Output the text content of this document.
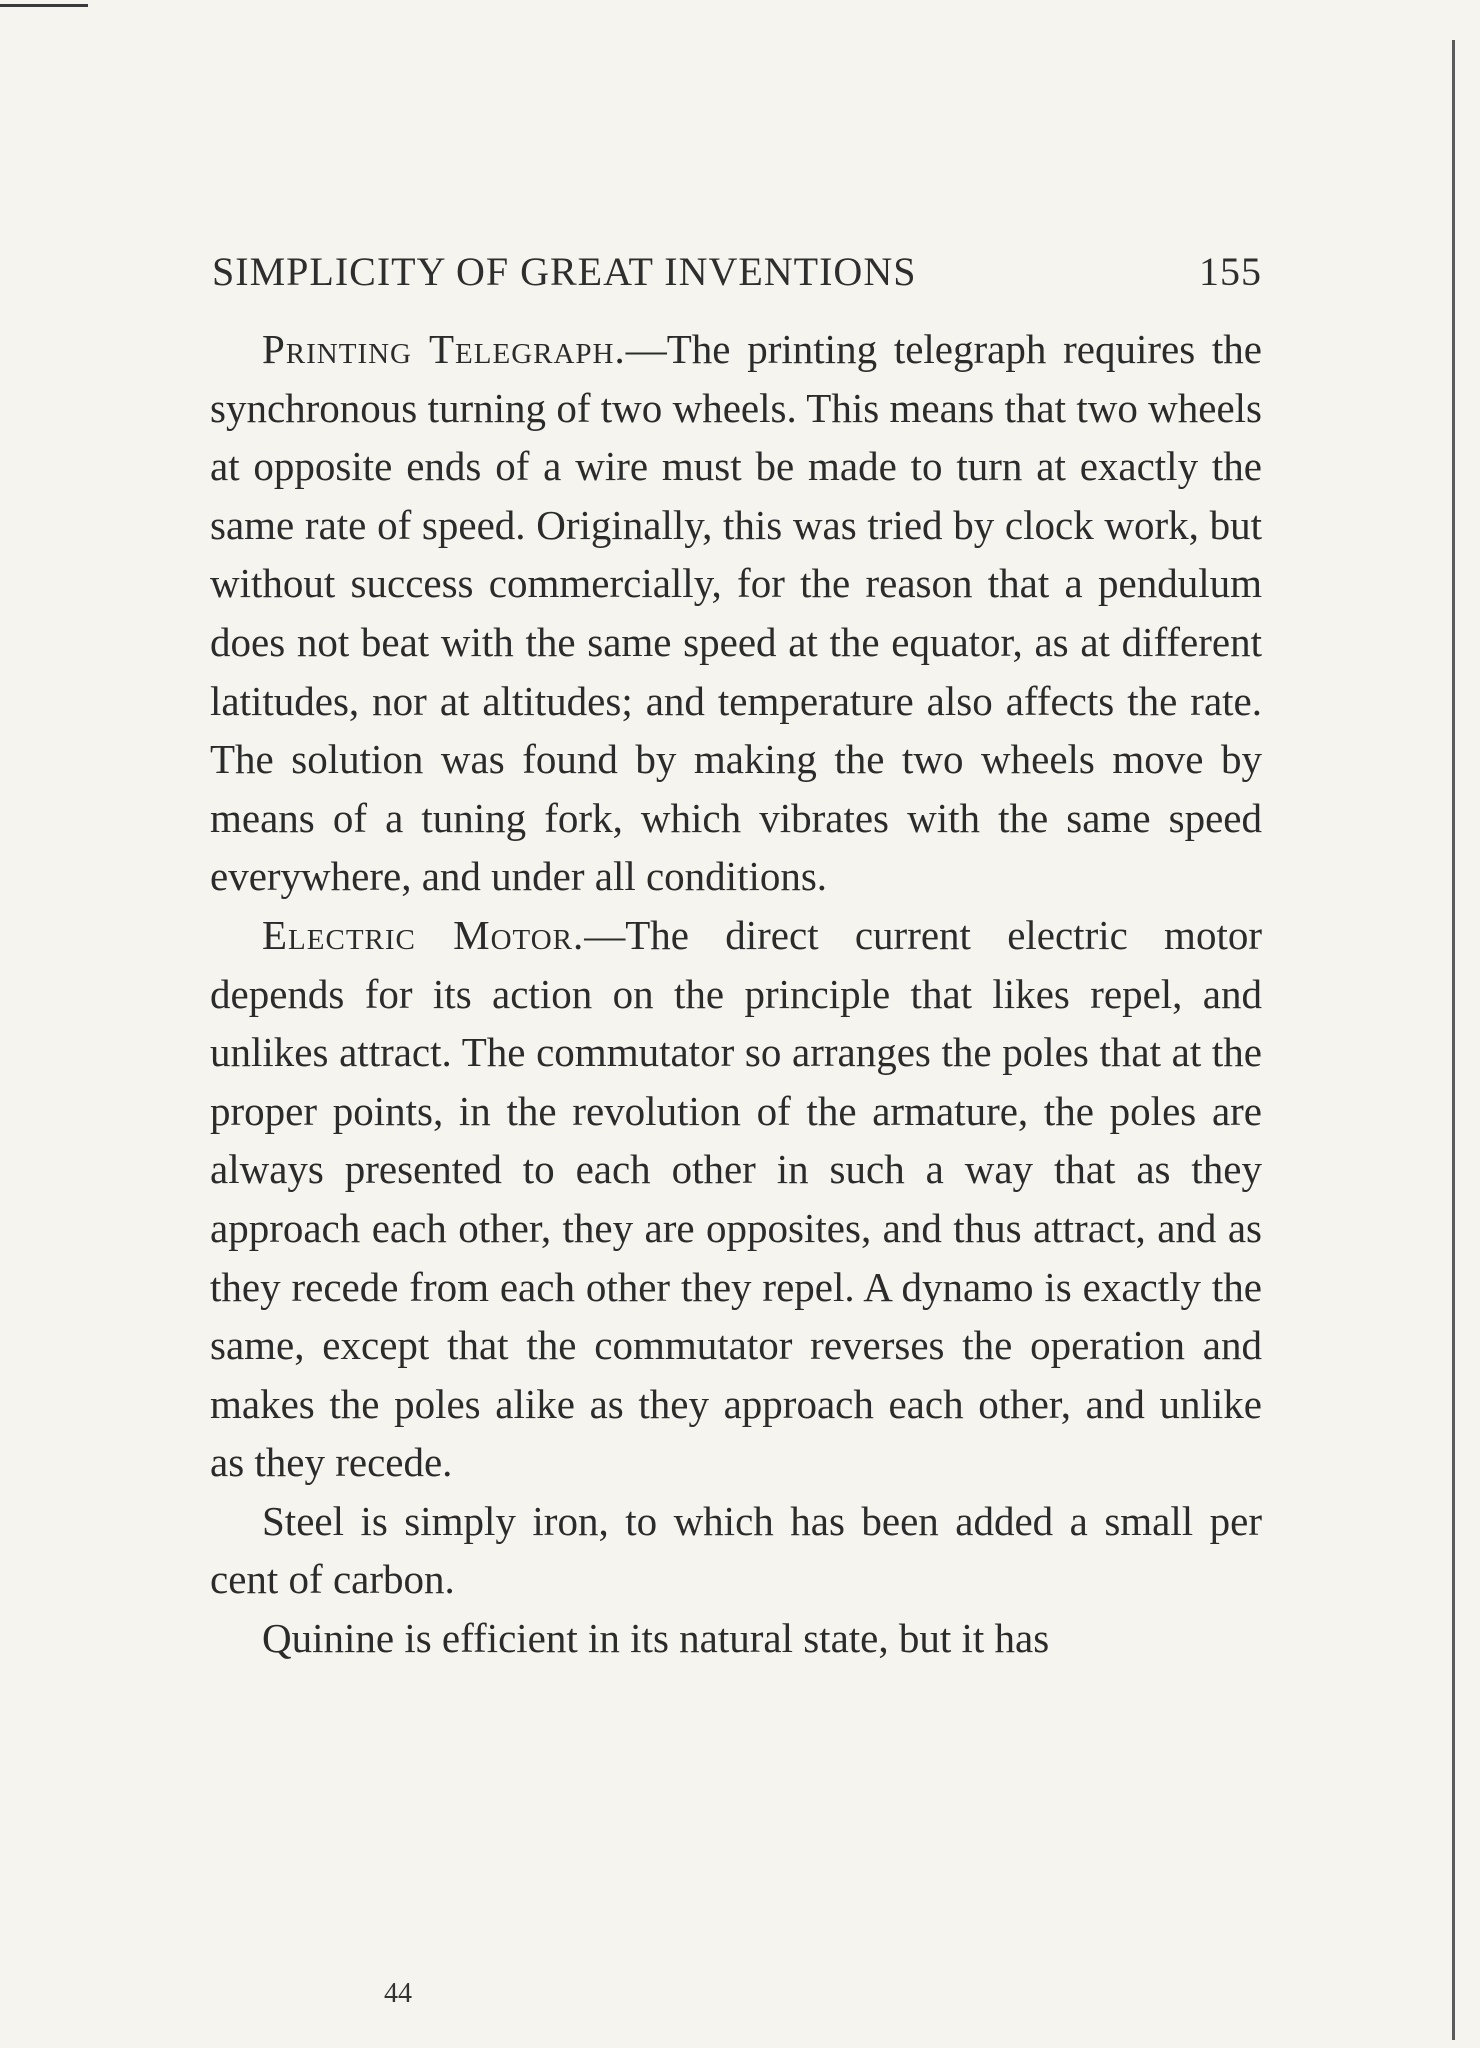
SIMPLICITY OF GREAT INVENTIONS	155

Printing Telegraph.—The printing telegraph requires the synchronous turning of two wheels. This means that two wheels at opposite ends of a wire must be made to turn at exactly the same rate of speed. Originally, this was tried by clock work, but without success commercially, for the reason that a pendulum does not beat with the same speed at the equator, as at different latitudes, nor at altitudes; and temperature also affects the rate. The solution was found by making the two wheels move by means of a tuning fork, which vibrates with the same speed everywhere, and under all conditions.

Electric Motor.—The direct current electric motor depends for its action on the principle that likes repel, and unlikes attract. The commutator so arranges the poles that at the proper points, in the revolution of the armature, the poles are always presented to each other in such a way that as they approach each other, they are opposites, and thus attract, and as they recede from each other they repel. A dynamo is exactly the same, except that the commutator reverses the operation and makes the poles alike as they approach each other, and unlike as they recede.

Steel is simply iron, to which has been added a small per cent of carbon.

Quinine is efficient in its natural state, but it has

44
